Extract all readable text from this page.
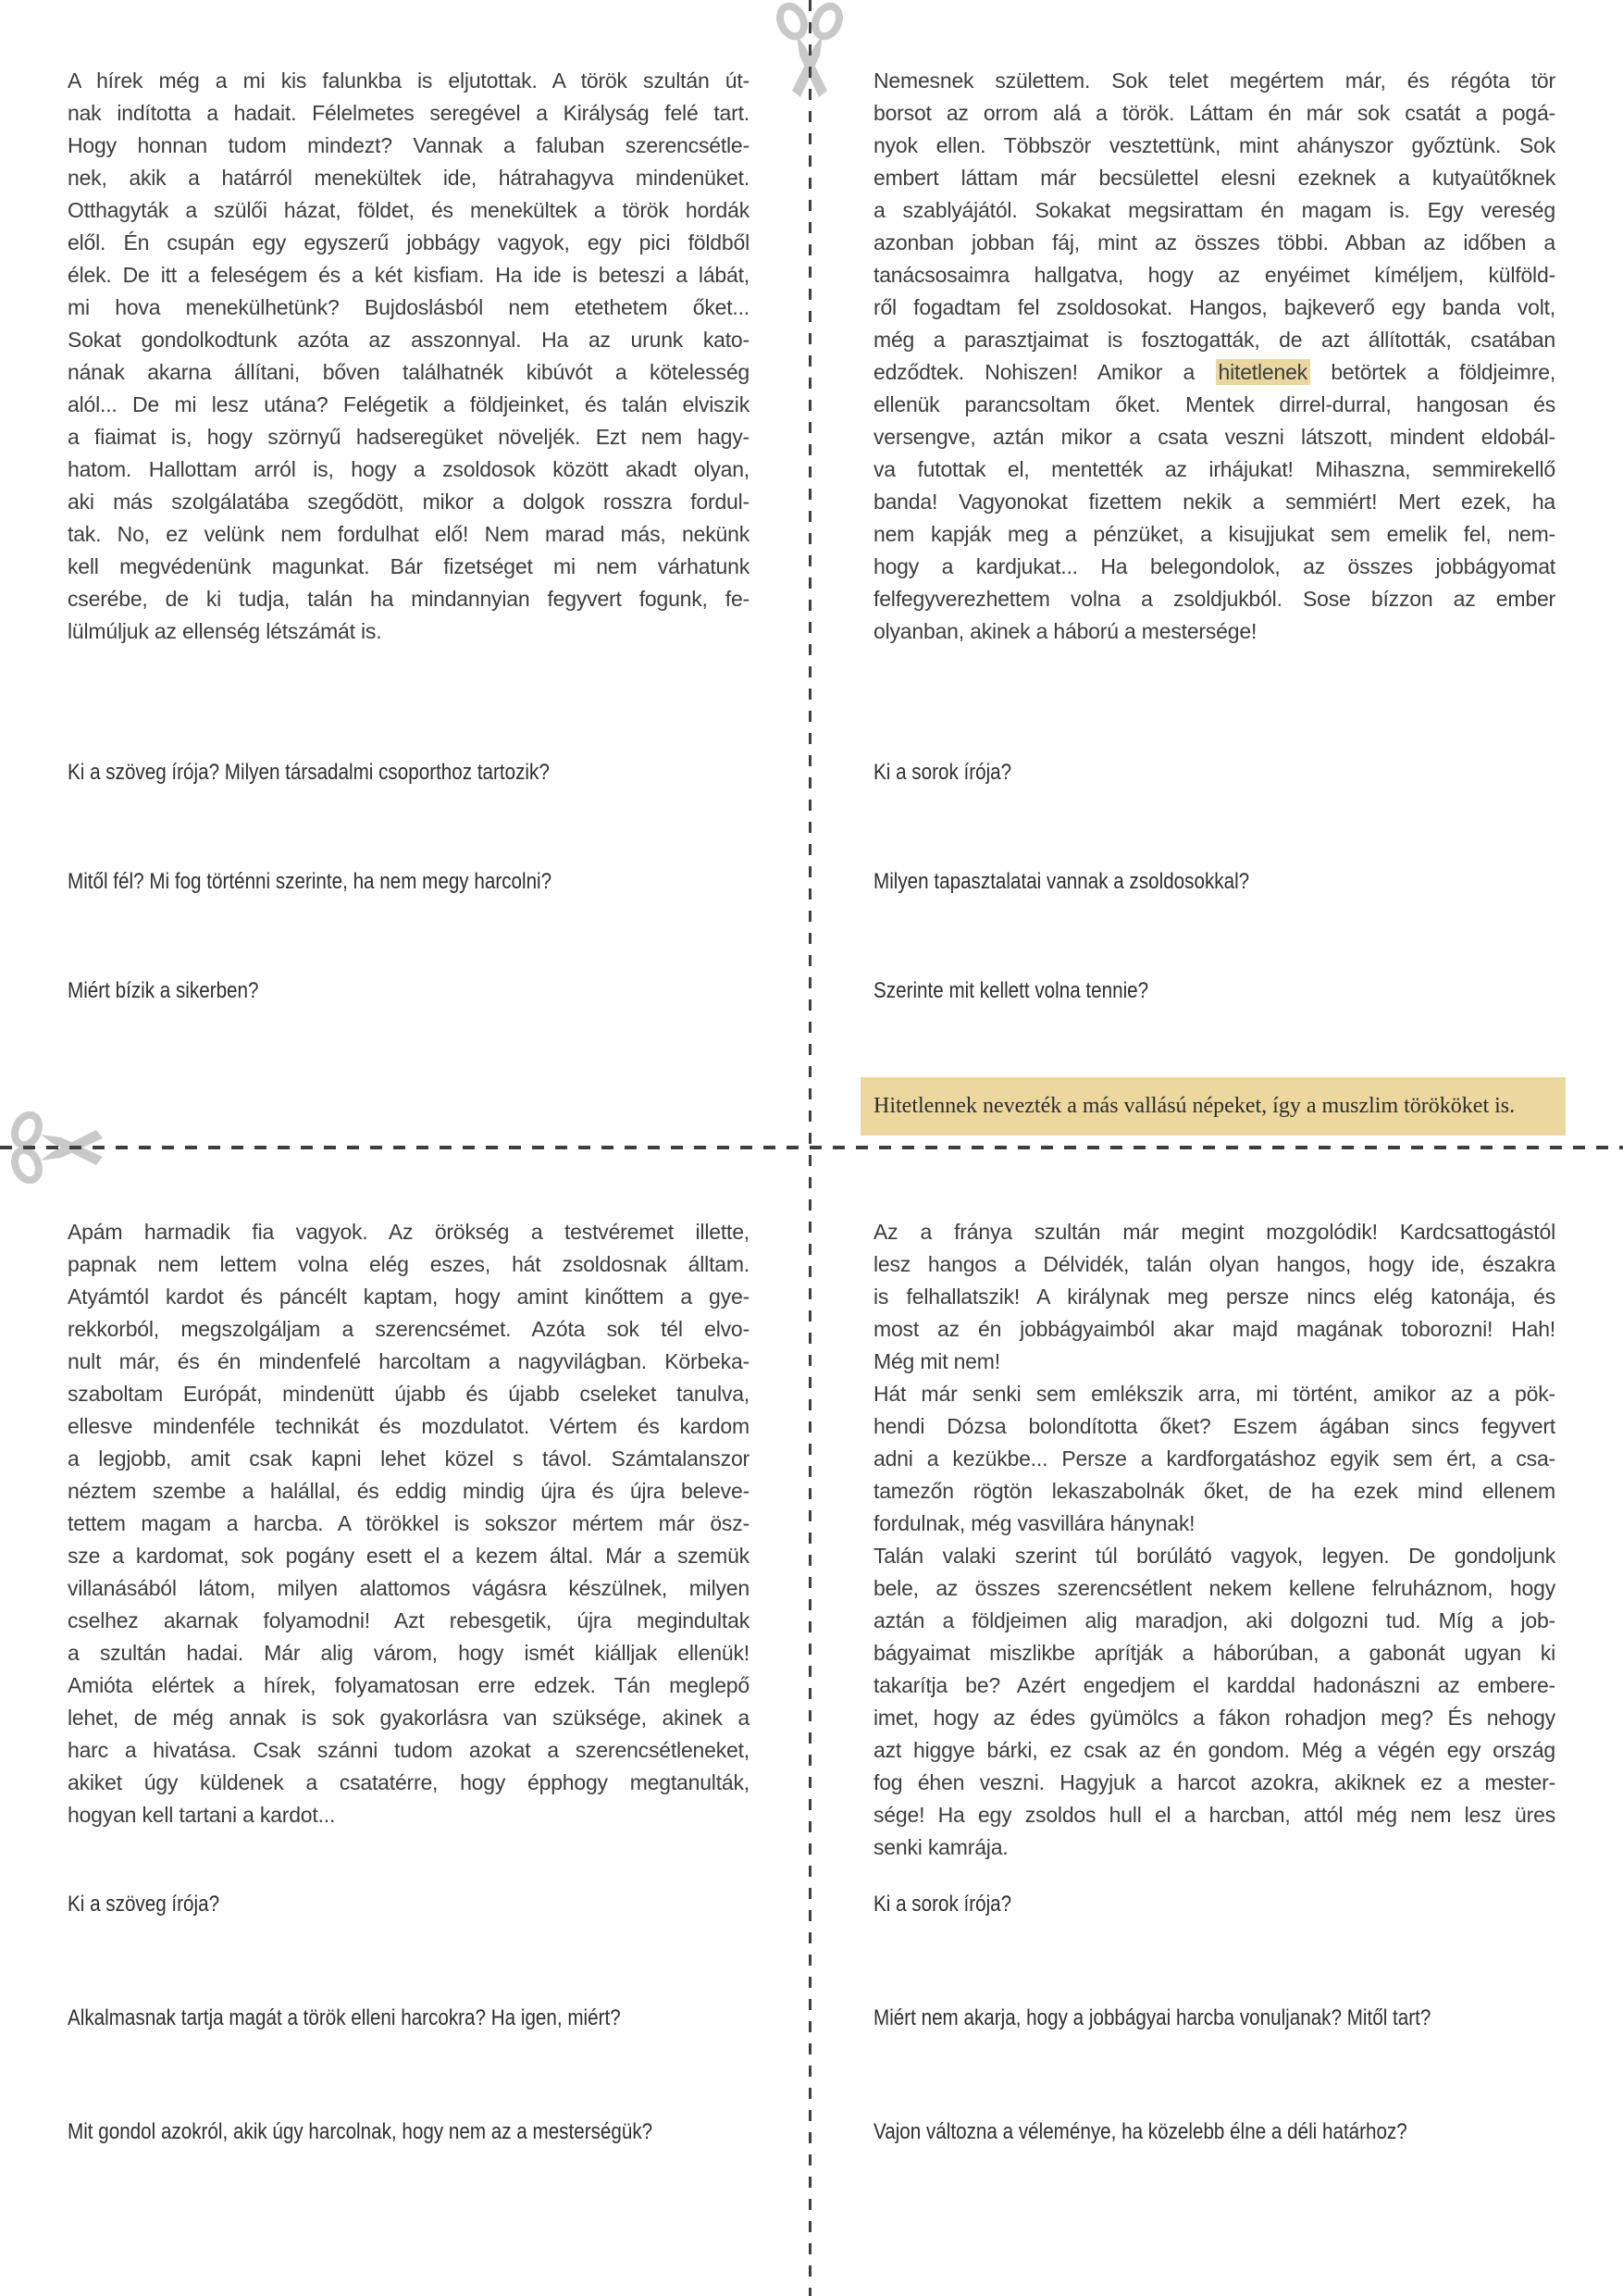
A hírek még a mi kis falunkba is eljutottak. A török szultán út-
nak indította a hadait. Félelmetes seregével a Királyság felé tart.
Hogy honnan tudom mindezt? Vannak a faluban szerencsétle-
nek, akik a határról menekültek ide, hátrahagyva mindenüket.
Otthagyták a szülői házat, földet, és menekültek a török hordák
elől. Én csupán egy egyszerű jobbágy vagyok, egy pici földből
élek. De itt a feleségem és a két kisfiam. Ha ide is beteszi a lábát,
mi hova menekülhetünk? Bujdoslásból nem etethetem őket...
Sokat gondolkodtunk azóta az asszonnyal. Ha az urunk kato-
nának akarna állítani, bőven találhatnék kibúvót a kötelesség
alól... De mi lesz utána? Felégetik a földjeinket, és talán elviszik
a fiaimat is, hogy szörnyű hadseregüket növeljék. Ezt nem hagy-
hatom. Hallottam arról is, hogy a zsoldosok között akadt olyan,
aki más szolgálatába szegődött, mikor a dolgok rosszra fordul-
tak. No, ez velünk nem fordulhat elő! Nem marad más, nekünk
kell megvédenünk magunkat. Bár fizetséget mi nem várhatunk
cserébe, de ki tudja, talán ha mindannyian fegyvert fogunk, fe-
lülmúljuk az ellenség létszámát is.
Ki a szöveg írója? Milyen társadalmi csoporthoz tartozik?
Mitől fél? Mi fog történni szerinte, ha nem megy harcolni?
Miért bízik a sikerben?
Nemesnek születtem. Sok telet megértem már, és régóta tör
borsot az orrom alá a török. Láttam én már sok csatát a pogá-
nyok ellen. Többször vesztettünk, mint ahányszor győztünk. Sok
embert láttam már becsülettel elesni ezeknek a kutyaütőknek
a szablyájától. Sokakat megsirattam én magam is. Egy vereség
azonban jobban fáj, mint az összes többi. Abban az időben a
tanácsosaimra hallgatva, hogy az enyéimet kíméljem, külföld-
ről fogadtam fel zsoldosokat. Hangos, bajkeverő egy banda volt,
még a parasztjaimat is fosztogatták, de azt állították, csatában
edződtek. Nohiszen! Amikor a hitetlenek betörtek a földjeimre,
ellenük parancsoltam őket. Mentek dirrel-durral, hangosan és
versengve, aztán mikor a csata veszni látszott, mindent eldobál-
va futottak el, mentették az irhájukat! Mihaszna, semmirekellő
banda! Vagyonokat fizettem nekik a semmiért! Mert ezek, ha
nem kapják meg a pénzüket, a kisujjukat sem emelik fel, nem-
hogy a kardjukat... Ha belegondolok, az összes jobbágyomat
felfegyverezhettem volna a zsoldjukból. Sose bízzon az ember
olyanban, akinek a háború a mestersége!
Ki a sorok írója?
Milyen tapasztalatai vannak a zsoldosokkal?
Szerinte mit kellett volna tennie?
Hitetlennek nevezték a más vallású népeket, így a muszlim törököket is.
Apám harmadik fia vagyok. Az örökség a testvéremet illette,
papnak nem lettem volna elég eszes, hát zsoldosnak álltam.
Atyámtól kardot és páncélt kaptam, hogy amint kinőttem a gye-
rekkorból, megszolgáljam a szerencsémet. Azóta sok tél elvo-
nult már, és én mindenfelé harcoltam a nagyvilágban. Körbeka-
szaboltam Európát, mindenütt újabb és újabb cseleket tanulva,
ellesve mindenféle technikát és mozdulatot. Vértem és kardom
a legjobb, amit csak kapni lehet közel s távol. Számtalanszor
néztem szembe a halállal, és eddig mindig újra és újra beleve-
tettem magam a harcba. A törökkel is sokszor mértem már ösz-
sze a kardomat, sok pogány esett el a kezem által. Már a szemük
villanásából látom, milyen alattomos vágásra készülnek, milyen
cselhez akarnak folyamodni! Azt rebesgetik, újra megindultak
a szultán hadai. Már alig várom, hogy ismét kiálljak ellenük!
Amióta elértek a hírek, folyamatosan erre edzek. Tán meglepő
lehet, de még annak is sok gyakorlásra van szüksége, akinek a
harc a hivatása. Csak szánni tudom azokat a szerencsétleneket,
akiket úgy küldenek a csatatérre, hogy épphogy megtanulták,
hogyan kell tartani a kardot...
Ki a szöveg írója?
Alkalmasnak tartja magát a török elleni harcokra? Ha igen, miért?
Mit gondol azokról, akik úgy harcolnak, hogy nem az a mesterségük?
Az a fránya szultán már megint mozgolódik! Kardcsattogástól
lesz hangos a Délvidék, talán olyan hangos, hogy ide, északra
is felhallatszik! A királynak meg persze nincs elég katonája, és
most az én jobbágyaimból akar majd magának toborozni! Hah!
Még mit nem!
Hát már senki sem emlékszik arra, mi történt, amikor az a pök-
hendi Dózsa bolondította őket? Eszem ágában sincs fegyvert
adni a kezükbe... Persze a kardforgatáshoz egyik sem ért, a csa-
tamezőn rögtön lekaszabolnák őket, de ha ezek mind ellenem
fordulnak, még vasvillára hánynak!
Talán valaki szerint túl borúlátó vagyok, legyen. De gondoljunk
bele, az összes szerencsétlent nekem kellene felruháznom, hogy
aztán a földjeimen alig maradjon, aki dolgozni tud. Míg a job-
bágyaimat miszlikbe aprítják a háborúban, a gabonát ugyan ki
takarítja be? Azért engedjem el karddal hadonászni az embere-
imet, hogy az édes gyümölcs a fákon rohadjon meg? És nehogy
azt higgye bárki, ez csak az én gondom. Még a végén egy ország
fog éhen veszni. Hagyjuk a harcot azokra, akiknek ez a mester-
sége! Ha egy zsoldos hull el a harcban, attól még nem lesz üres
senki kamrája.
Ki a sorok írója?
Miért nem akarja, hogy a jobbágyai harcba vonuljanak? Mitől tart?
Vajon változna a véleménye, ha közelebb élne a déli határhoz?
